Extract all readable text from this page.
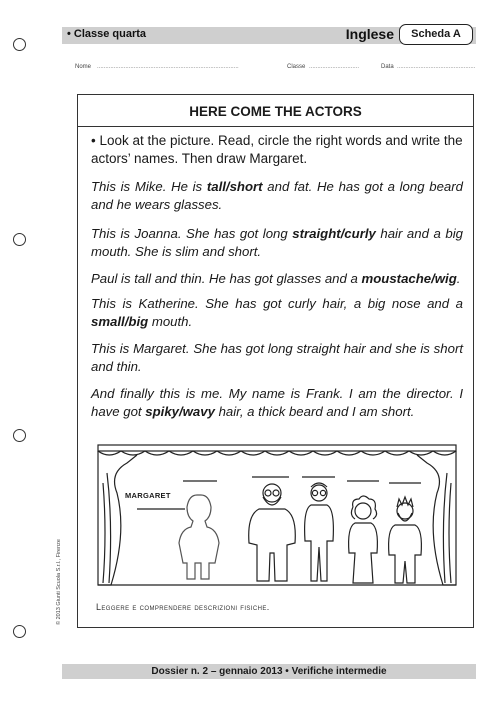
• Classe quarta	Inglese	Scheda A
Nome .....................................................................................	Classe ..............................	Data ...............................................
HERE COME THE ACTORS
• Look at the picture. Read, circle the right words and write the actors’ names. Then draw Margaret.
This is Mike. He is tall/short and fat. He has got a long beard and he wears glasses.
This is Joanna. She has got long straight/curly hair and a big mouth. She is slim and short.
Paul is tall and thin. He has got glasses and a moustache/wig.
This is Katherine. She has got curly hair, a big nose and a small/big mouth.
This is Margaret. She has got long straight hair and she is short and thin.
And finally this is me. My name is Frank. I am the director. I have got spiky/wavy hair, a thick beard and I am short.
MARGARET
Leggere e comprendere descrizioni fisiche.
© 2013 Giunti Scuola S.r.l., Firenze
Dossier n. 2 – gennaio 2013 • Verifiche intermedie
